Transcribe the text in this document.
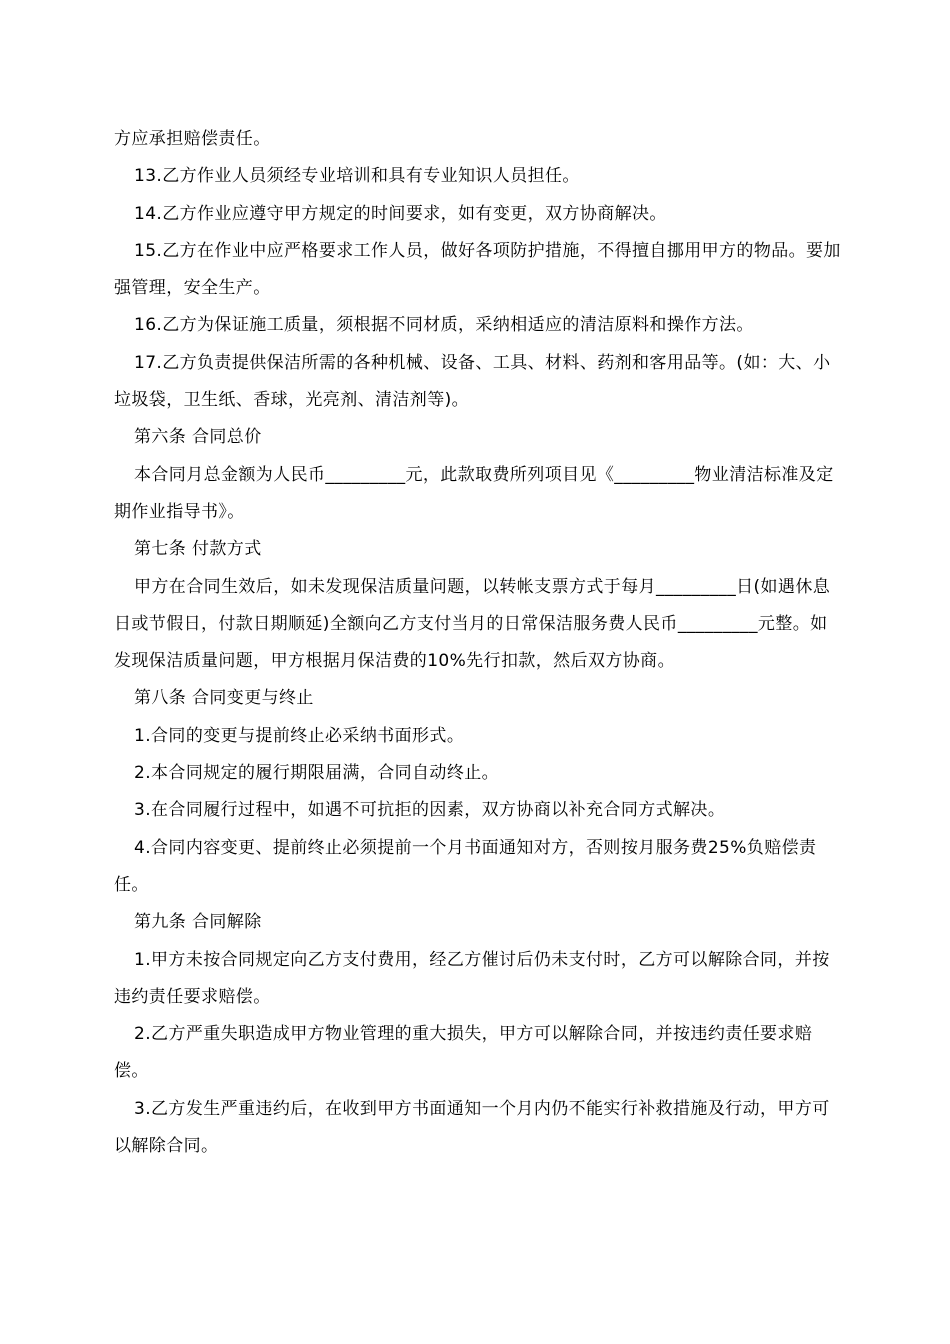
方应承担赔偿责任。

13.乙方作业人员须经专业培训和具有专业知识人员担任。

14.乙方作业应遵守甲方规定的时间要求，如有变更，双方协商解决。

15.乙方在作业中应严格要求工作人员，做好各项防护措施，不得擅自挪用甲方的物品。要加强管理，安全生产。

16.乙方为保证施工质量，须根据不同材质，采纳相适应的清洁原料和操作方法。

17.乙方负责提供保洁所需的各种机械、设备、工具、材料、药剂和客用品等。(如：大、小垃圾袋，卫生纸、香球，光亮剂、清洁剂等)。

第六条 合同总价

本合同月总金额为人民币_________元，此款取费所列项目见《_________物业清洁标准及定期作业指导书》。

第七条 付款方式

甲方在合同生效后，如未发现保洁质量问题，以转帐支票方式于每月_________日(如遇休息日或节假日，付款日期顺延)全额向乙方支付当月的日常保洁服务费人民币_________元整。如发现保洁质量问题，甲方根据月保洁费的10%先行扣款，然后双方协商。

第八条 合同变更与终止

1.合同的变更与提前终止必采纳书面形式。

2.本合同规定的履行期限届满，合同自动终止。

3.在合同履行过程中，如遇不可抗拒的因素，双方协商以补充合同方式解决。

4.合同内容变更、提前终止必须提前一个月书面通知对方，否则按月服务费25%负赔偿责任。

第九条 合同解除

1.甲方未按合同规定向乙方支付费用，经乙方催讨后仍未支付时，乙方可以解除合同，并按违约责任要求赔偿。

2.乙方严重失职造成甲方物业管理的重大损失，甲方可以解除合同，并按违约责任要求赔偿。

3.乙方发生严重违约后，在收到甲方书面通知一个月内仍不能实行补救措施及行动，甲方可以解除合同。
